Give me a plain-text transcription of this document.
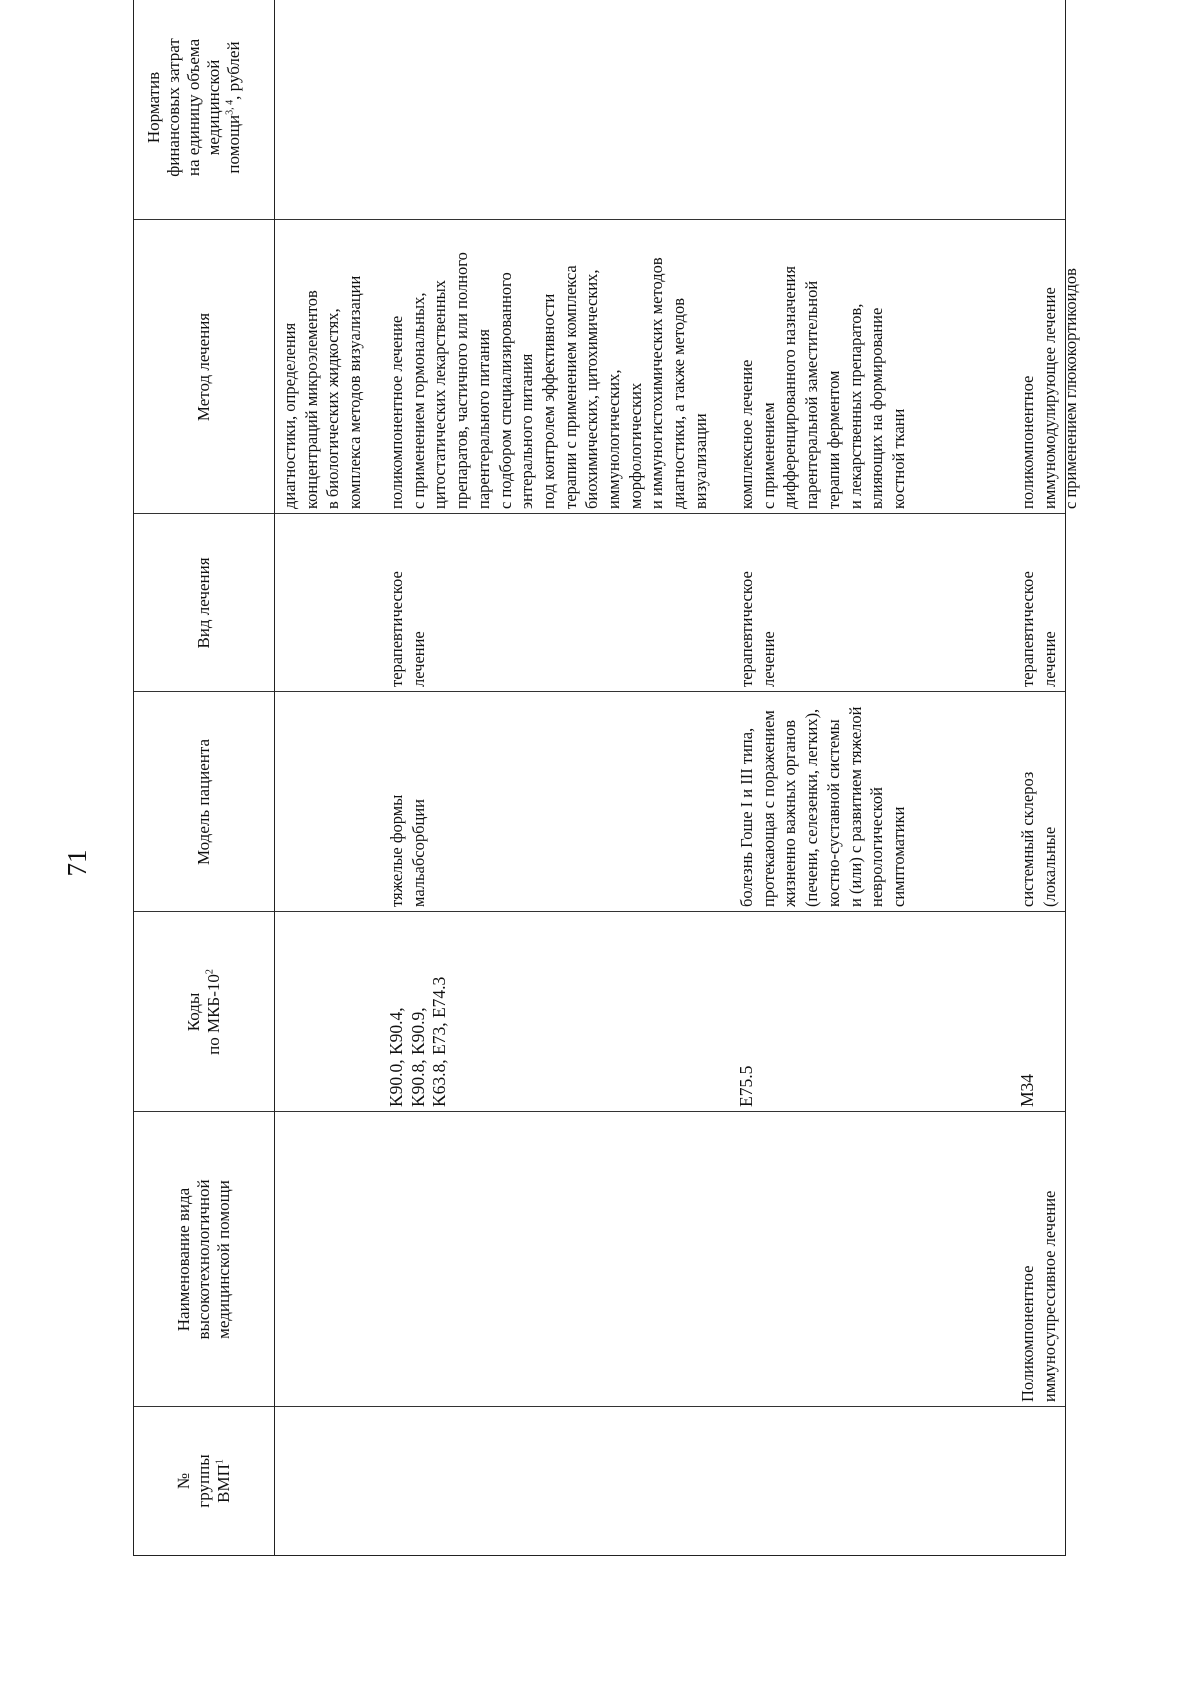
71
№ группы ВМП$^1$
Наименование вида высокотехнологичной медицинской помощи
Коды по МКБ-$10^2$
Модель пациента
Вид лечения
Метод лечения
Норматив финансовых затрат на единицу объема медицинской помощи$^{3, 4}$, рублей
диагностики, определения концентраций микроэлементов в биологических жидкостях, комплекса методов визуализации
K90.0, K90.4, K90.8, K90.9, K63.8, E73, E74.3
тяжелые формы мальабсорбции
терапевтическое лечение
поликомпонентное лечение с применением гормональных, цитостатических лекарственных препаратов, частичного или полного парентерального питания с подбором специализированного энтерального питания под контролем эффективности терапии с применением комплекса биохимических, цитохимических, иммунологических, морфологических и иммуногистохимических методов диагностики, а также методов визуализации
E75.5
болезнь Гоше I и III типа, протекающая с поражением жизненно важных органов (печени, селезенки, легких), костно-суставной системы и (или) с развитием тяжелой неврологической симптоматики
терапевтическое лечение
комплексное лечение с применением дифференцированного назначения парентеральной заместительной терапии ферментом и лекарственных препаратов, влияющих на формирование костной ткани
Поликомпонентное иммуносупрессивное лечение
M34
системный склероз (локальные
терапевтическое лечение
поликомпонентное иммуномодулирующее лечение с применением глюкокортикоидов
